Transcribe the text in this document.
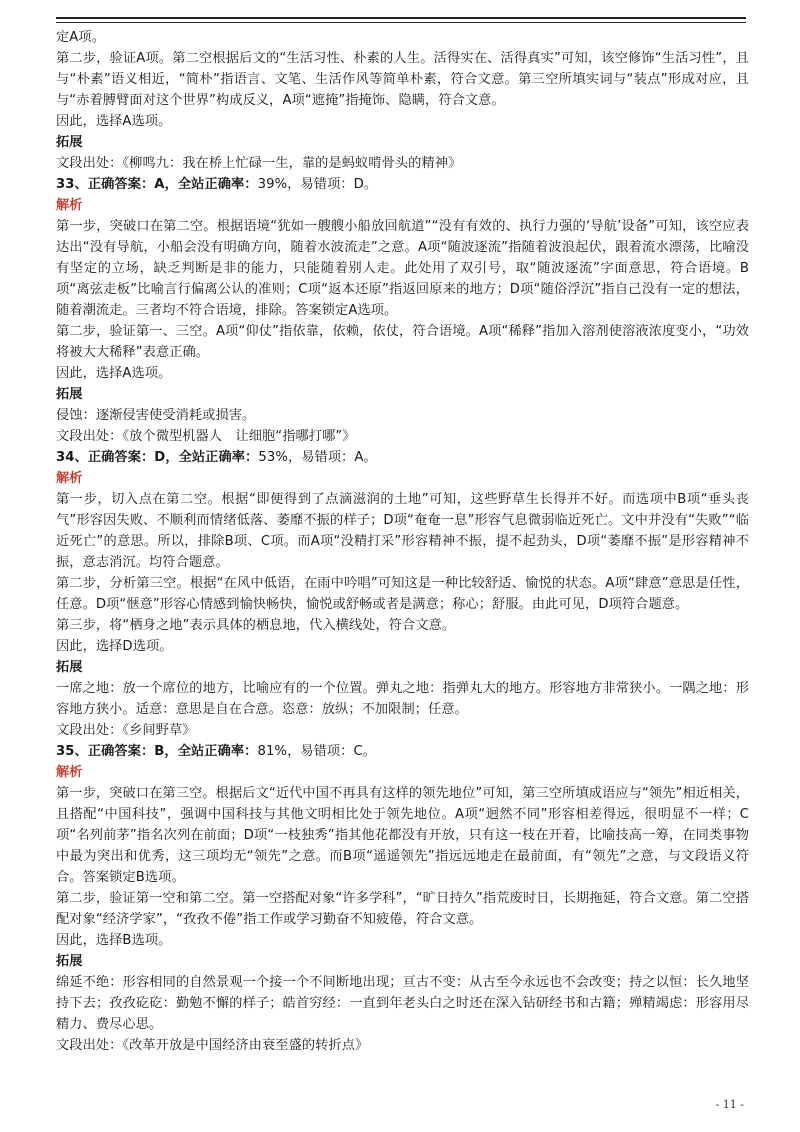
定A项。

第二步，验证A项。第二空根据后文的“生活习性、朴素的人生。活得实在、活得真实”可知，该空修饰“生活习性”，且与“朴素”语义相近，“简朴”指语言、文笔、生活作风等简单朴素，符合文意。第三空所填实词与“装点”形成对应，且与“赤着膊臂面对这个世界”构成反义，A项“遮掩”指掩饰、隐瞒，符合文意。

因此，选择A选项。

拓展

文段出处：《柳鸣九：我在桥上忙碌一生，靠的是蚂蚁啃骨头的精神》

33、正确答案：A，全站正确率：39%，易错项：D。

解析

第一步，突破口在第二空。根据语境“犹如一艘艘小船放回航道”“没有有效的、执行力强的‘导航’设备”可知，该空应表达出“没有导航，小船会没有明确方向，随着水波流走”之意。A项“随波逐流”指随着波浪起伏，跟着流水漂荡，比喻没有坚定的立场，缺乏判断是非的能力，只能随着别人走。此处用了双引号，取“随波逐流”字面意思，符合语境。B项“离弦走板”比喻言行偏离公认的准则；C项“返本还原”指返回原来的地方；D项“随俗浮沉”指自己没有一定的想法，随着潮流走。三者均不符合语境，排除。答案锁定A选项。

第二步，验证第一、三空。A项“仰仗”指依靠，依赖，依仗，符合语境。A项“稀释”指加入溶剂使溶液浓度变小，“功效将被大大稀释”表意正确。

因此，选择A选项。

拓展

侵蚀：逐渐侵害使受消耗或损害。

文段出处：《放个微型机器人　让细胞“指哪打哪”》

34、正确答案：D，全站正确率：53%，易错项：A。

解析

第一步，切入点在第二空。根据“即便得到了点滴滋润的土地”可知，这些野草生长得并不好。而选项中B项“垂头丧气”形容因失败、不顺利而情绪低落、萎靡不振的样子；D项“奄奄一息”形容气息微弱临近死亡。文中并没有“失败”“临近死亡”的意思。所以，排除B项、C项。而A项“没精打采”形容精神不振，提不起劲头，D项“萎靡不振”是形容精神不振，意志消沉。均符合题意。

第二步，分析第三空。根据“在风中低语，在雨中吟唱”可知这是一种比较舒适、愉悦的状态。A项“肆意”意思是任性，任意。D项“惬意”形容心情感到愉快畅快，愉悦或舒畅或者是满意；称心；舒服。由此可见，D项符合题意。

第三步，将“栖身之地”表示具体的栖息地，代入横线处，符合文意。

因此，选择D选项。

拓展

一席之地：放一个席位的地方，比喻应有的一个位置。弹丸之地：指弹丸大的地方。形容地方非常狭小。一隅之地：形容地方狭小。适意：意思是自在合意。恣意：放纵；不加限制；任意。

文段出处：《乡间野草》

35、正确答案：B，全站正确率：81%，易错项：C。

解析

第一步，突破口在第三空。根据后文“近代中国不再具有这样的领先地位”可知，第三空所填成语应与“领先”相近相关，且搭配“中国科技”，强调中国科技与其他文明相比处于领先地位。A项“迥然不同”形容相差得远，很明显不一样；C项“名列前茅”指名次列在前面；D项“一枝独秀”指其他花都没有开放，只有这一枝在开着，比喻技高一筹，在同类事物中最为突出和优秀，这三项均无“领先”之意。而B项“遥遥领先”指远远地走在最前面，有“领先”之意，与文段语义符合。答案锁定B选项。

第二步，验证第一空和第二空。第一空搭配对象“许多学科”，“旷日持久”指荒废时日，长期拖延，符合文意。第二空搭配对象“经济学家”，“孜孜不倦”指工作或学习勤奋不知疲倦，符合文意。

因此，选择B选项。

拓展

绵延不绝：形容相同的自然景观一个接一个不间断地出现；亘古不变：从古至今永远也不会改变；持之以恒：长久地坚持下去；孜孜矻矻：勤勉不懈的样子；皓首穷经：一直到年老头白之时还在深入钻研经书和古籍；殚精竭虑：形容用尽精力、费尽心思。

文段出处：《改革开放是中国经济由衰至盛的转折点》

- 11 -
